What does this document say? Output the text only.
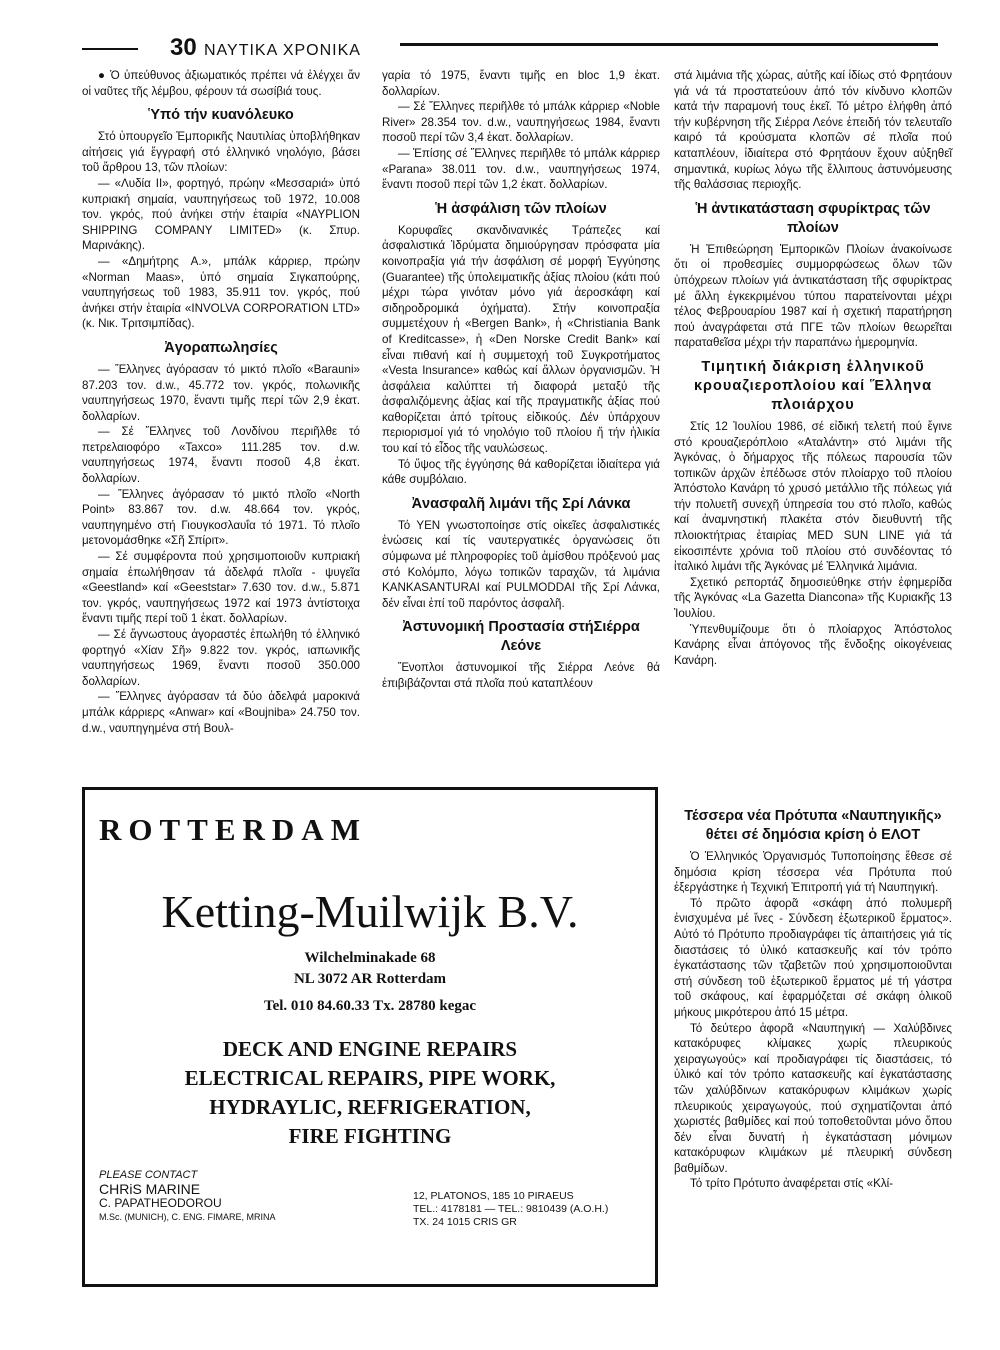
30 ΝΑΥΤΙΚΑ ΧΡΟΝΙΚΑ

● Ὁ ὑπεύθυνος ἀξιωματικός πρέπει νά ἐλέγχει ἄν οἱ ναῦτες τῆς λέμβου, φέρουν τά σωσίβιά τους.

Ὑπό τήν κυανόλευκο

Στό ὑπουργεῖο Ἐμπορικῆς Ναυτιλίας ὑποβλήθηκαν αἰτήσεις γιά ἔγγραφή στό ἑλληνικό νηολόγιο, βάσει τοῦ ἄρθρου 13, τῶν πλοίων:

— «Λυδία ΙΙ», φορτηγό, πρώην «Μεσσαριά» ὑπό κυπριακή σημαία, ναυπηγήσεως τοῦ 1972, 10.008 τον. γκρός, πού ἀνήκει στήν ἑταιρία «NAYPLION SHIPPING COMPANY LIMITED» (κ. Σπυρ. Μαρινάκης).

— «Δημήτρης Α.», μπάλκ κάρριερ, πρώην «Norman Maas», ὑπό σημαία Σιγκαπούρης, ναυπηγήσεως τοῦ 1983, 35.911 τον. γκρός, πού ἀνήκει στήν ἑταιρία «INVOLVA CORPORATION LTD» (κ. Νικ. Τριτσιμπίδας).

Ἀγοραπωλησίες

— Ἕλληνες ἀγόρασαν τό μικτό πλοῖο «Barauni» 87.203 τον. d.w., 45.772 τον. γκρός, πολωνικῆς ναυπηγήσεως 1970, ἔναντι τιμῆς περί τῶν 2,9 ἑκατ. δολλαρίων.

— Σέ Ἕλληνες τοῦ Λονδίνου περιῆλθε τό πετρελαιοφόρο «Taxco» 111.285 τον. d.w. ναυπηγήσεως 1974, ἔναντι ποσοῦ 4,8 ἑκατ. δολλαρίων.

— Ἕλληνες ἀγόρασαν τό μικτό πλοῖο «North Point» 83.867 τον. d.w. 48.664 τον. γκρός, ναυπηγημένο στή Γιουγκοσλαυΐα τό 1971. Τό πλοῖο μετονομάσθηκε «Σῆ Σπίριτ».

— Σέ συμφέροντα πού χρησιμοποιοῦν κυπριακή σημαία ἐπωλήθησαν τά ἀδελφά πλοῖα - ψυγεῖα «Geestland» καί «Geeststar» 7.630 τον. d.w., 5.871 τον. γκρός, ναυπηγήσεως 1972 καί 1973 ἀντίστοιχα ἔναντι τιμῆς περί τοῦ 1 ἑκατ. δολλαρίων.

— Σέ ἄγνωστους ἀγοραστές ἐπωλήθη τό ἑλληνικό φορτηγό «Χίαν Σῆ» 9.822 τον. γκρός, ιαπωνικῆς ναυπηγήσεως 1969, ἔναντι ποσοῦ 350.000 δολλαρίων.

— Ἕλληνες ἀγόρασαν τά δύο ἀδελφά μαροκινά μπάλκ κάρριερς «Anwar» καί «Boujniba» 24.750 τον. d.w., ναυπηγημένα στή Βουλ-

γαρία τό 1975, ἔναντι τιμῆς en bloc 1,9 ἑκατ. δολλαρίων.

— Σέ Ἕλληνες περιῆλθε τό μπάλκ κάρριερ «Noble River» 28.354 τον. d.w., ναυπηγήσεως 1984, ἔναντι ποσοῦ περί τῶν 3,4 ἑκατ. δολλαρίων.

— Ἐπίσης σέ Ἕλληνες περιῆλθε τό μπάλκ κάρριερ «Parana» 38.011 τον. d.w., ναυπηγήσεως 1974, ἔναντι ποσοῦ περί τῶν 1,2 ἑκατ. δολλαρίων.

Ἡ ἀσφάλιση τῶν πλοίων

Κορυφαῖες σκανδινανικές Τράπεζες καί ἀσφαλιστικά Ἱδρύματα δημιούργησαν πρόσφατα μία κοινοπραξία γιά τήν ἀσφάλιση σέ μορφή Ἐγγύησης (Guarantee) τῆς ὑπολειματικῆς ἀξίας πλοίου (κάτι πού μέχρι τώρα γινόταν μόνο γιά ἀεροσκάφη καί σιδηροδρομικά ὀχήματα). Στήν κοινοπραξία συμμετέχουν ἡ «Bergen Bank», ἡ «Christiania Bank of Kreditcasse», ἡ «Den Norske Credit Bank» καί εἶναι πιθανή καί ἡ συμμετοχή τοῦ Συγκροτήματος «Vesta Insurance» καθώς καί ἄλλων ὀργανισμῶν. Ἡ ἀσφάλεια καλύπτει τή διαφορά μεταξύ τῆς ἀσφαλιζόμενης ἀξίας καί τῆς πραγματικῆς ἀξίας πού καθορίζεται ἀπό τρίτους εἰδικούς. Δέν ὑπάρχουν περιορισμοί γιά τό νηολόγιο τοῦ πλοίου ἤ τήν ἡλικία του καί τό εἶδος τῆς ναυλώσεως.

Τό ὕψος τῆς ἐγγύησης θά καθορίζεται ἰδιαίτερα γιά κάθε συμβόλαιο.

Ἀνασφαλῆ λιμάνι τῆς Σρί Λάνκα

Τό ΥΕΝ γνωστοποίησε στίς οἰκεῖες ἀσφαλιστικές ἑνώσεις καί τίς ναυτεργατικές ὀργανώσεις ὅτι σύμφωνα μέ πληροφορίες τοῦ ἁμίσθου πρόξενού μας στό Κολόμπο, λόγω τοπικῶν ταραχῶν, τά λιμάνια KANKASANTURAI καί PULMODDAI τῆς Σρί Λάνκα, δέν εἶναι ἐπί τοῦ παρόντος ἀσφαλῆ.

Ἀστυνομική Προστασία στήΣιέρρα Λεόνε

Ἔνοπλοι ἀστυνομικοί τῆς Σιέρρα Λεόνε θά ἐπιβιβάζονται στά πλοῖα πού καταπλέουν

στά λιμάνια τῆς χώρας, αὐτῆς καί ἰδίως στό Φρητάουν γιά νά τά προστατεύουν ἀπό τόν κίνδυνο κλοπῶν κατά τήν παραμονή τους ἐκεῖ. Τό μέτρο ἐλήφθη ἀπό τήν κυβέρνηση τῆς Σιέρρα Λεόνε ἐπειδή τόν τελευταῖο καιρό τά κρούσματα κλοπῶν σέ πλοῖα πού καταπλέουν, ἰδιαίτερα στό Φρητάουν ἔχουν αὐξηθεῖ σημαντικά, κυρίως λόγω τῆς ἔλλιπους ἀστυνόμευσης τῆς θαλάσσιας περιοχῆς.

Ἡ ἀντικατάσταση σφυρίκτρας τῶν πλοίων

Ἡ Ἐπιθεώρηση Ἐμπορικῶν Πλοίων ἀνακοίνωσε ὅτι οἱ προθεσμίες συμμορφώσεως ὅλων τῶν ὑπόχρεων πλοίων γιά ἀντικατάσταση τῆς σφυρίκτρας μέ ἄλλη ἐγκεκριμένου τύπου παρατείνονται μέχρι τέλος Φεβρουαρίου 1987 καί ἡ σχετική παρατήρηση πού ἀναγράφεται στά ΠΓΕ τῶν πλοίων θεωρεῖται παραταθεῖσα μέχρι τήν παραπάνω ἡμερομηνία.

Τιμητική διάκριση ἑλληνικοῦ κρουαζιεροπλοίου καί Ἕλληνα πλοιάρχου

Στίς 12 Ἰουλίου 1986, σέ εἰδική τελετή πού ἔγινε στό κρουαζιερόπλοιο «Αταλάντη» στό λιμάνι τῆς Ἀγκόνας, ὁ δήμαρχος τῆς πόλεως παρουσία τῶν τοπικῶν ἀρχῶν ἐπέδωσε στόν πλοίαρχο τοῦ πλοίου Ἀπόστολο Κανάρη τό χρυσό μετάλλιο τῆς πόλεως γιά τήν πολυετῆ συνεχῆ ὑπηρεσία του στό πλοῖο, καθώς καί ἀναμνηστική πλακέτα στόν διευθυντή τῆς πλοιοκτήτριας ἑταιρίας MED SUN LINE γιά τά εἰκοσιπέντε χρόνια τοῦ πλοίου στό συνδέοντας τό ἰταλικό λιμάνι τῆς Ἀγκόνας μέ Ἑλληνικά λιμάνια.

Σχετικό ρεπορτάζ δημοσιεύθηκε στήν ἐφημερίδα τῆς Ἀγκόνας «La Gazetta Diancona» τῆς Κυριακῆς 13 Ἰουλίου.

Ὑπενθυμίζουμε ὅτι ὁ πλοίαρχος Ἀπόστολος Κανάρης εἶναι ἀπόγονος τῆς ἔνδοξης οἰκογένειας Κανάρη.

Τέσσερα νέα Πρότυπα «Ναυπηγικῆς» θέτει σέ δημόσια κρίση ὁ ΕΛΟΤ

Ὁ Ἑλληνικός Ὀργανισμός Τυποποίησης ἔθεσε σέ δημόσια κρίση τέσσερα νέα Πρότυπα πού ἐξεργάστηκε ἡ Τεχνική Ἐπιτροπή γιά τή Ναυπηγική.

Τό πρῶτο ἀφορᾶ «σκάφη ἀπό πολυμερῆ ἐνισχυμένα μέ ἴνες - Σύνδεση ἐξωτερικοῦ ἔρματος». Αὐτό τό Πρότυπο προδιαγράφει τίς ἀπαιτήσεις γιά τίς διαστάσεις τό ὑλικό κατασκευῆς καί τόν τρόπο ἐγκατάστασης τῶν τζαβετῶν πού χρησιμοποιοῦνται στή σύνδεση τοῦ ἐξωτερικοῦ ἔρματος μέ τή γάστρα τοῦ σκάφους, καί ἐφαρμόζεται σέ σκάφη ὁλικοῦ μήκους μικρότερου ἀπό 15 μέτρα.

Τό δεύτερο ἀφορᾶ «Ναυπηγική — Χαλύβδινες κατακόρυφες κλίμακες χωρίς πλευρικούς χειραγωγούς» καί προδιαγράφει τίς διαστάσεις, τό ὑλικό καί τόν τρόπο κατασκευῆς καί ἐγκατάστασης τῶν χαλύβδινων κατακόρυφων κλιμάκων χωρίς πλευρικούς χειραγωγούς, πού σχηματίζονται ἀπό χωριστές βαθμίδες καί πού τοποθετοῦνται μόνο ὅπου δέν εἶναι δυνατή ἡ ἐγκατάσταση μόνιμων κατακόρυφων κλιμάκων μέ πλευρική σύνδεση βαθμίδων.

Τό τρίτο Πρότυπο ἀναφέρεται στίς «Κλί-

ROTTERDAM
Ketting-Muilwijk B.V.
Wilchelminakade 68
NL 3072 AR Rotterdam
Tel. 010 84.60.33 Tx. 28780 kegac
DECK AND ENGINE REPAIRS
ELECTRICAL REPAIRS, PIPE WORK,
HYDRAYLIC, REFRIGERATION,
FIRE FIGHTING
PLEASE CONTACT
CHRiS MARINE
C. PAPATHEODOROU
M.Sc. (MUNICH), C. ENG. FIMARE, MRINA
12, PLATONOS, 185 10 PIRAEUS
TEL.: 4178181 — TEL.: 9810439 (A.O.H.)
TX. 24 1015 CRIS GR
